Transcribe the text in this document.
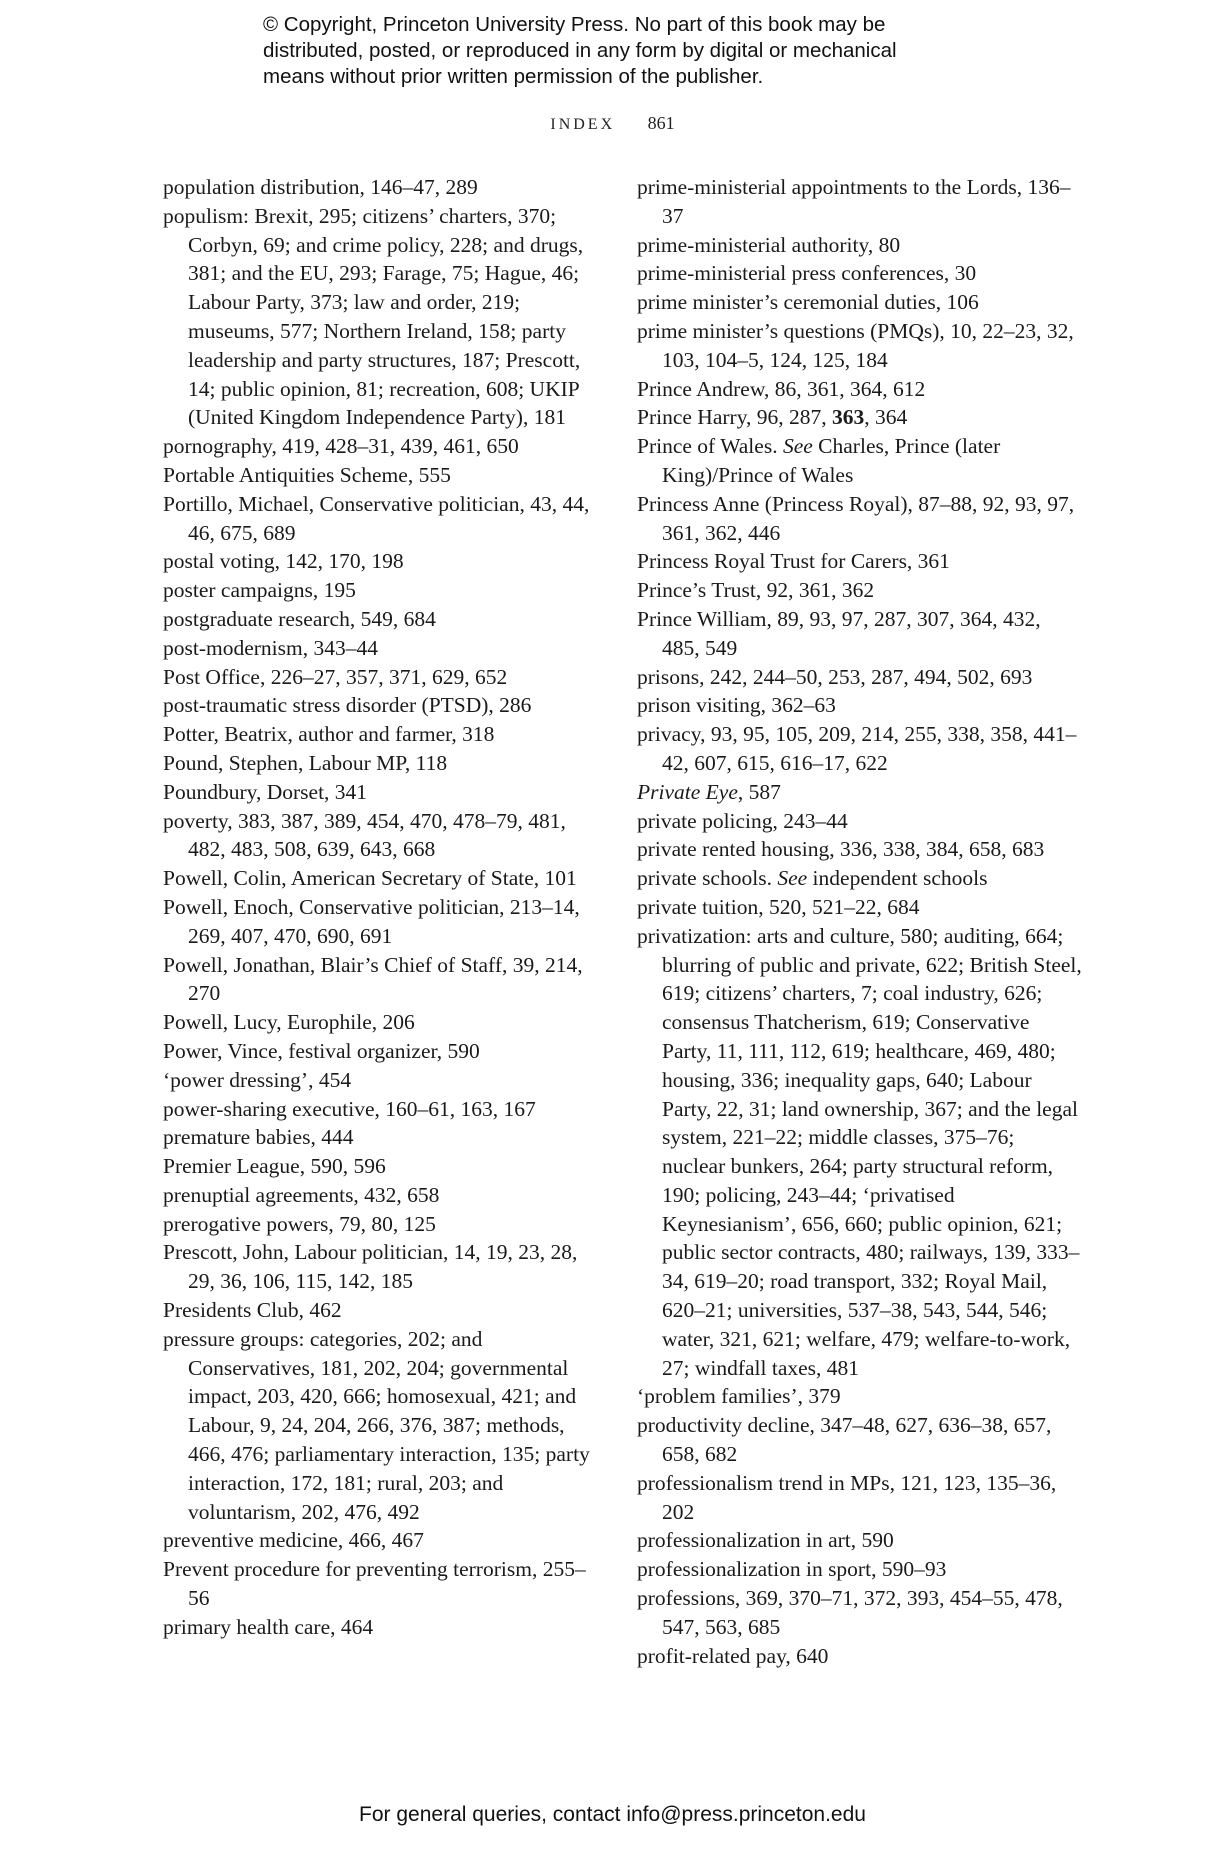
© Copyright, Princeton University Press. No part of this book may be
distributed, posted, or reproduced in any form by digital or mechanical
means without prior written permission of the publisher.
INDEX 861
population distribution, 146–47, 289
populism: Brexit, 295; citizens’ charters, 370; Corbyn, 69; and crime policy, 228; and drugs, 381; and the EU, 293; Farage, 75; Hague, 46; Labour Party, 373; law and order, 219; museums, 577; Northern Ireland, 158; party leadership and party structures, 187; Prescott, 14; public opinion, 81; recreation, 608; UKIP (United Kingdom Independence Party), 181
pornography, 419, 428–31, 439, 461, 650
Portable Antiquities Scheme, 555
Portillo, Michael, Conservative politician, 43, 44, 46, 675, 689
postal voting, 142, 170, 198
poster campaigns, 195
postgraduate research, 549, 684
post-modernism, 343–44
Post Office, 226–27, 357, 371, 629, 652
post-traumatic stress disorder (PTSD), 286
Potter, Beatrix, author and farmer, 318
Pound, Stephen, Labour MP, 118
Poundbury, Dorset, 341
poverty, 383, 387, 389, 454, 470, 478–79, 481, 482, 483, 508, 639, 643, 668
Powell, Colin, American Secretary of State, 101
Powell, Enoch, Conservative politician, 213–14, 269, 407, 470, 690, 691
Powell, Jonathan, Blair’s Chief of Staff, 39, 214, 270
Powell, Lucy, Europhile, 206
Power, Vince, festival organizer, 590
‘power dressing’, 454
power-sharing executive, 160–61, 163, 167
premature babies, 444
Premier League, 590, 596
prenuptial agreements, 432, 658
prerogative powers, 79, 80, 125
Prescott, John, Labour politician, 14, 19, 23, 28, 29, 36, 106, 115, 142, 185
Presidents Club, 462
pressure groups: categories, 202; and Conservatives, 181, 202, 204; governmental impact, 203, 420, 666; homosexual, 421; and Labour, 9, 24, 204, 266, 376, 387; methods, 466, 476; parliamentary interaction, 135; party interaction, 172, 181; rural, 203; and voluntarism, 202, 476, 492
preventive medicine, 466, 467
Prevent procedure for preventing terrorism, 255–56
primary health care, 464
prime-ministerial appointments to the Lords, 136–37
prime-ministerial authority, 80
prime-ministerial press conferences, 30
prime minister’s ceremonial duties, 106
prime minister’s questions (PMQs), 10, 22–23, 32, 103, 104–5, 124, 125, 184
Prince Andrew, 86, 361, 364, 612
Prince Harry, 96, 287, 363, 364
Prince of Wales. See Charles, Prince (later King)/Prince of Wales
Princess Anne (Princess Royal), 87–88, 92, 93, 97, 361, 362, 446
Princess Royal Trust for Carers, 361
Prince’s Trust, 92, 361, 362
Prince William, 89, 93, 97, 287, 307, 364, 432, 485, 549
prisons, 242, 244–50, 253, 287, 494, 502, 693
prison visiting, 362–63
privacy, 93, 95, 105, 209, 214, 255, 338, 358, 441–42, 607, 615, 616–17, 622
Private Eye, 587
private policing, 243–44
private rented housing, 336, 338, 384, 658, 683
private schools. See independent schools
private tuition, 520, 521–22, 684
privatization: arts and culture, 580; auditing, 664; blurring of public and private, 622; British Steel, 619; citizens’ charters, 7; coal industry, 626; consensus Thatcherism, 619; Conservative Party, 11, 111, 112, 619; healthcare, 469, 480; housing, 336; inequality gaps, 640; Labour Party, 22, 31; land ownership, 367; and the legal system, 221–22; middle classes, 375–76; nuclear bunkers, 264; party structural reform, 190; policing, 243–44; ‘privatised Keynesianism’, 656, 660; public opinion, 621; public sector contracts, 480; railways, 139, 333–34, 619–20; road transport, 332; Royal Mail, 620–21; universities, 537–38, 543, 544, 546; water, 321, 621; welfare, 479; welfare-to-work, 27; windfall taxes, 481
‘problem families’, 379
productivity decline, 347–48, 627, 636–38, 657, 658, 682
professionalism trend in MPs, 121, 123, 135–36, 202
professionalization in art, 590
professionalization in sport, 590–93
professions, 369, 370–71, 372, 393, 454–55, 478, 547, 563, 685
profit-related pay, 640
For general queries, contact info@press.princeton.edu
